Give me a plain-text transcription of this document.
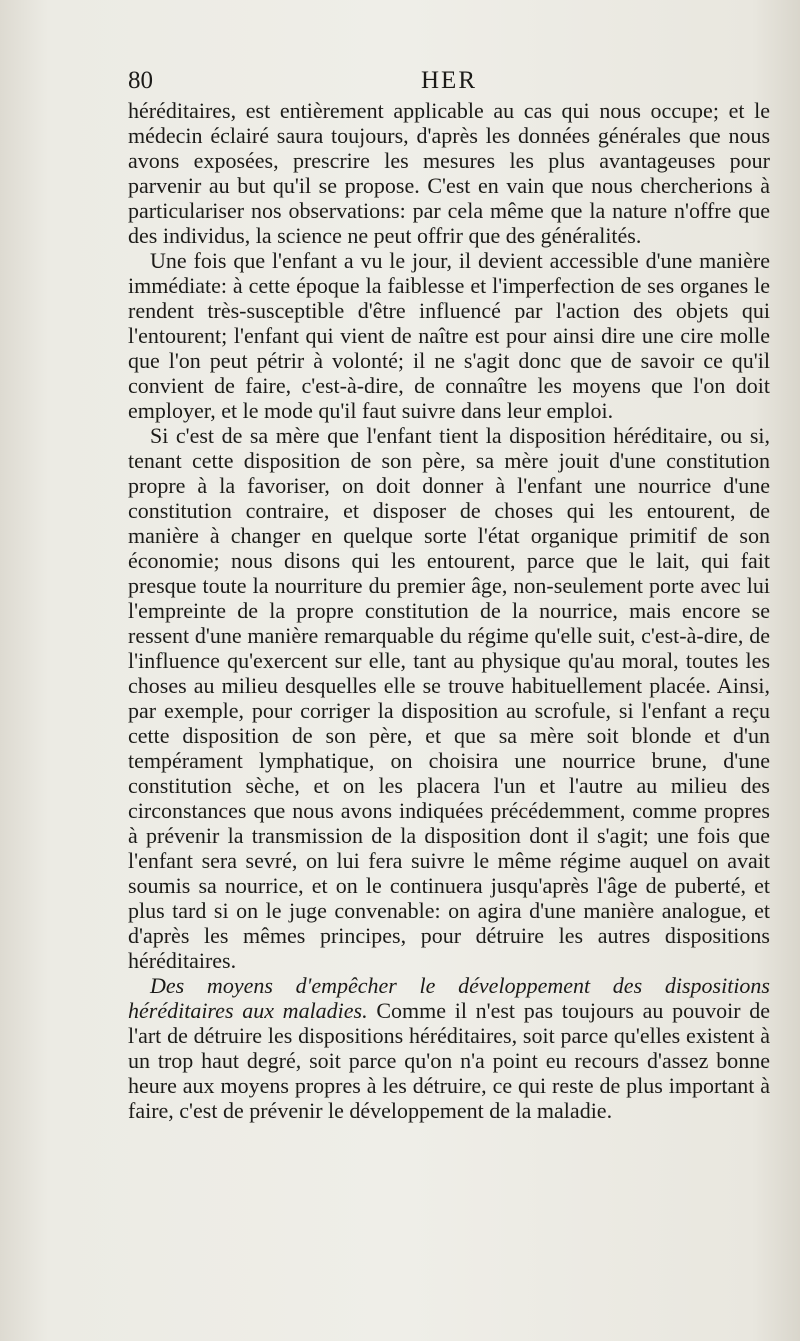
80	HER

héréditaires, est entièrement applicable au cas qui nous occupe; et le médecin éclairé saura toujours, d'après les données générales que nous avons exposées, prescrire les mesures les plus avantageuses pour parvenir au but qu'il se propose. C'est en vain que nous chercherions à particulariser nos observations: par cela même que la nature n'offre que des individus, la science ne peut offrir que des généralités.

Une fois que l'enfant a vu le jour, il devient accessible d'une manière immédiate: à cette époque la faiblesse et l'imperfection de ses organes le rendent très-susceptible d'être influencé par l'action des objets qui l'entourent; l'enfant qui vient de naître est pour ainsi dire une cire molle que l'on peut pétrir à volonté; il ne s'agit donc que de savoir ce qu'il convient de faire, c'est-à-dire, de connaître les moyens que l'on doit employer, et le mode qu'il faut suivre dans leur emploi.

Si c'est de sa mère que l'enfant tient la disposition héréditaire, ou si, tenant cette disposition de son père, sa mère jouit d'une constitution propre à la favoriser, on doit donner à l'enfant une nourrice d'une constitution contraire, et disposer de choses qui les entourent, de manière à changer en quelque sorte l'état organique primitif de son économie; nous disons qui les entourent, parce que le lait, qui fait presque toute la nourriture du premier âge, non-seulement porte avec lui l'empreinte de la propre constitution de la nourrice, mais encore se ressent d'une manière remarquable du régime qu'elle suit, c'est-à-dire, de l'influence qu'exercent sur elle, tant au physique qu'au moral, toutes les choses au milieu desquelles elle se trouve habituellement placée. Ainsi, par exemple, pour corriger la disposition au scrofule, si l'enfant a reçu cette disposition de son père, et que sa mère soit blonde et d'un tempérament lymphatique, on choisira une nourrice brune, d'une constitution sèche, et on les placera l'un et l'autre au milieu des circonstances que nous avons indiquées précédemment, comme propres à prévenir la transmission de la disposition dont il s'agit; une fois que l'enfant sera sevré, on lui fera suivre le même régime auquel on avait soumis sa nourrice, et on le continuera jusqu'après l'âge de puberté, et plus tard si on le juge convenable: on agira d'une manière analogue, et d'après les mêmes principes, pour détruire les autres dispositions héréditaires.

Des moyens d'empêcher le développement des dispositions héréditaires aux maladies. Comme il n'est pas toujours au pouvoir de l'art de détruire les dispositions héréditaires, soit parce qu'elles existent à un trop haut degré, soit parce qu'on n'a point eu recours d'assez bonne heure aux moyens propres à les détruire, ce qui reste de plus important à faire, c'est de prévenir le développement de la maladie.
